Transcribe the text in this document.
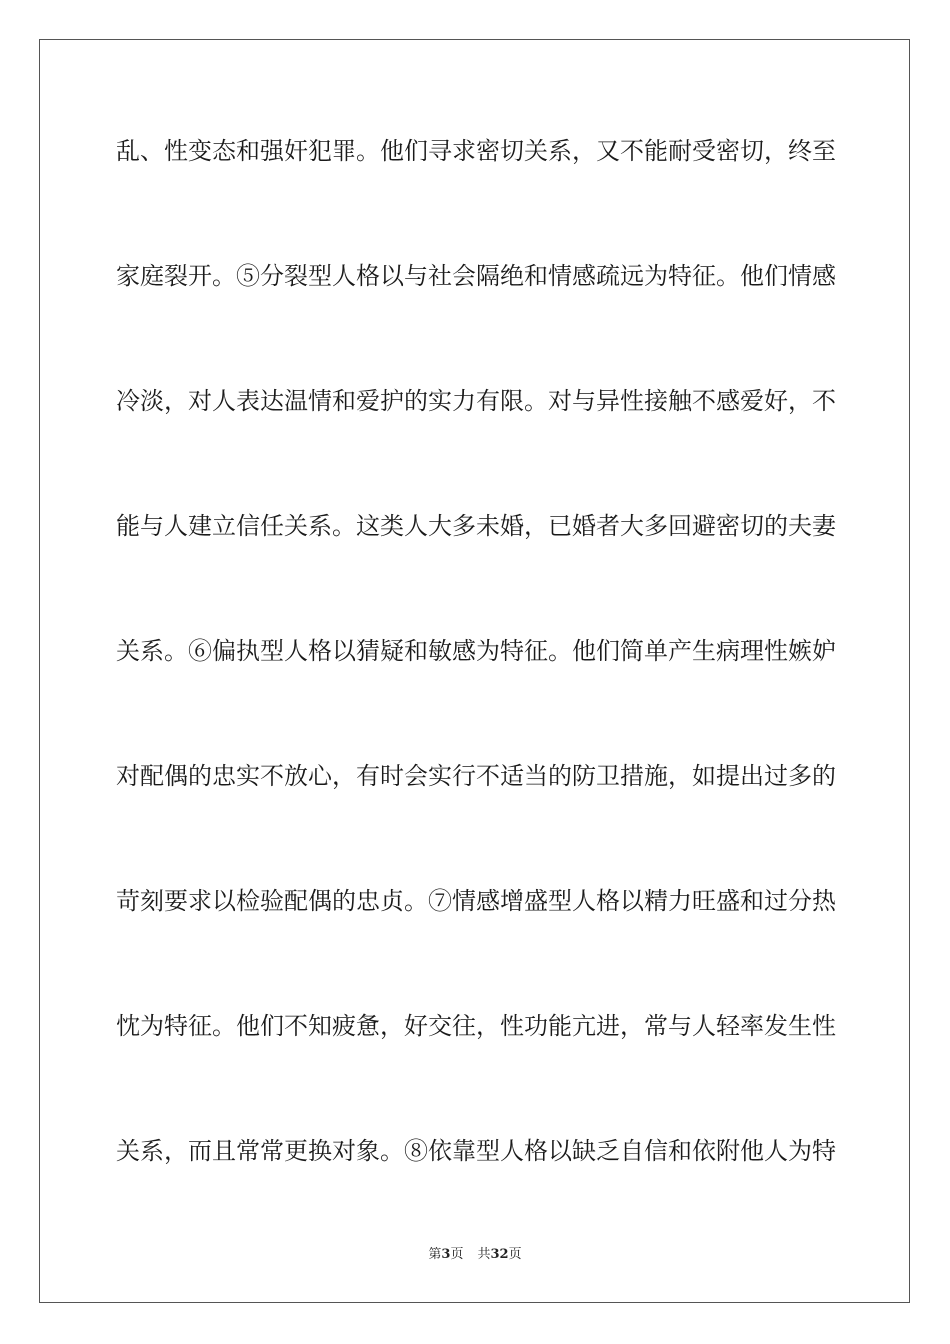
乱、性变态和强奸犯罪。他们寻求密切关系，又不能耐受密切，终至
家庭裂开。⑤分裂型人格以与社会隔绝和情感疏远为特征。他们情感
冷淡，对人表达温情和爱护的实力有限。对与异性接触不感爱好，不
能与人建立信任关系。这类人大多未婚，已婚者大多回避密切的夫妻
关系。⑥偏执型人格以猜疑和敏感为特征。他们简单产生病理性嫉妒
对配偶的忠实不放心，有时会实行不适当的防卫措施，如提出过多的
苛刻要求以检验配偶的忠贞。⑦情感增盛型人格以精力旺盛和过分热
忱为特征。他们不知疲惫，好交往，性功能亢进，常与人轻率发生性
关系，而且常常更换对象。⑧依靠型人格以缺乏自信和依附他人为特
第3页 共32页
